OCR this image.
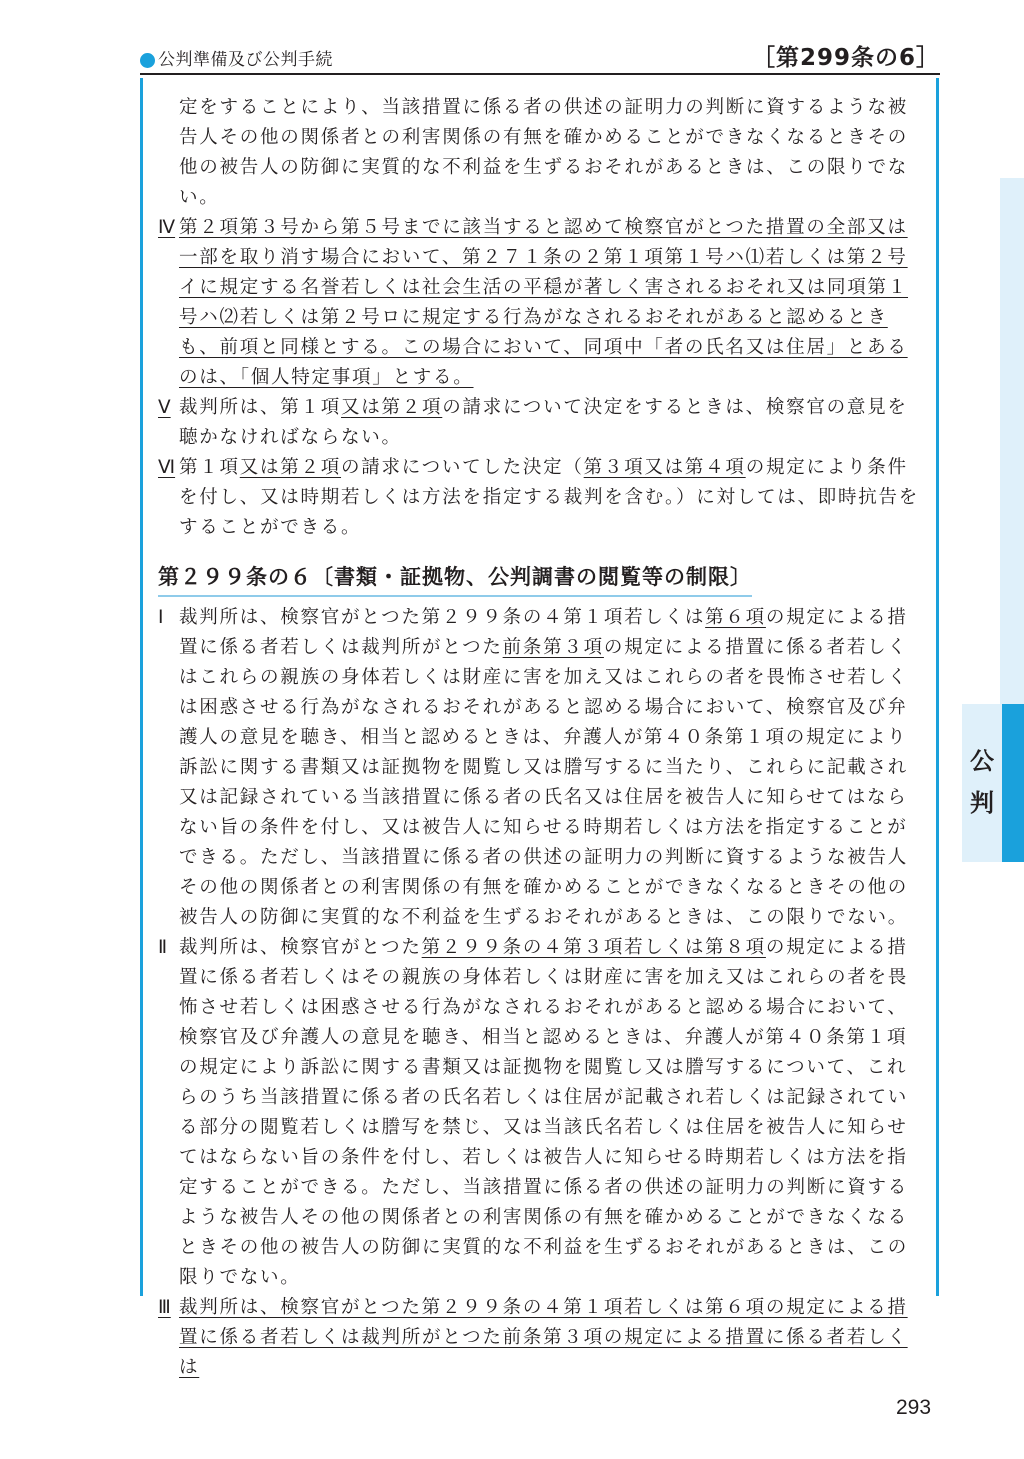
公判準備及び公判手続	［第299条の6］
定をすることにより、当該措置に係る者の供述の証明力の判断に資するような被告人その他の関係者との利害関係の有無を確かめることができなくなるときその他の被告人の防御に実質的な不利益を生ずるおそれがあるときは、この限りでない。
Ⅳ 第２項第３号から第５号までに該当すると認めて検察官がとつた措置の全部又は一部を取り消す場合において、第２７１条の２第１項第１号ハ⑴若しくは第２号イに規定する名誉若しくは社会生活の平穏が著しく害されるおそれ又は同項第１号ハ⑵若しくは第２号ロに規定する行為がなされるおそれがあると認めるときも、前項と同様とする。この場合において、同項中「者の氏名又は住居」とあるのは、「個人特定事項」とする。
Ⅴ 裁判所は、第１項又は第２項の請求について決定をするときは、検察官の意見を聴かなければならない。
Ⅵ 第１項又は第２項の請求についてした決定（第３項又は第４項の規定により条件を付し、又は時期若しくは方法を指定する裁判を含む。）に対しては、即時抗告をすることができる。
第２９９条の６〔書類・証拠物、公判調書の閲覧等の制限〕
Ⅰ 裁判所は、検察官がとつた第２９９条の４第１項若しくは第６項の規定による措置に係る者若しくは裁判所がとつた前条第３項の規定による措置に係る者若しくはこれらの親族の身体若しくは財産に害を加え又はこれらの者を畏怖させ若しくは困惑させる行為がなされるおそれがあると認める場合において、検察官及び弁護人の意見を聴き、相当と認めるときは、弁護人が第４０条第１項の規定により訴訟に関する書類又は証拠物を閲覧し又は謄写するに当たり、これらに記載され又は記録されている当該措置に係る者の氏名又は住居を被告人に知らせてはならない旨の条件を付し、又は被告人に知らせる時期若しくは方法を指定することができる。ただし、当該措置に係る者の供述の証明力の判断に資するような被告人その他の関係者との利害関係の有無を確かめることができなくなるときその他の被告人の防御に実質的な不利益を生ずるおそれがあるときは、この限りでない。
Ⅱ 裁判所は、検察官がとつた第２９９条の４第３項若しくは第８項の規定による措置に係る者若しくはその親族の身体若しくは財産に害を加え又はこれらの者を畏怖させ若しくは困惑させる行為がなされるおそれがあると認める場合において、検察官及び弁護人の意見を聴き、相当と認めるときは、弁護人が第４０条第１項の規定により訴訟に関する書類又は証拠物を閲覧し又は謄写するについて、これらのうち当該措置に係る者の氏名若しくは住居が記載され若しくは記録されている部分の閲覧若しくは謄写を禁じ、又は当該氏名若しくは住居を被告人に知らせてはならない旨の条件を付し、若しくは被告人に知らせる時期若しくは方法を指定することができる。ただし、当該措置に係る者の供述の証明力の判断に資するような被告人その他の関係者との利害関係の有無を確かめることができなくなるときその他の被告人の防御に実質的な不利益を生ずるおそれがあるときは、この限りでない。
Ⅲ 裁判所は、検察官がとつた第２９９条の４第１項若しくは第６項の規定による措置に係る者若しくは裁判所がとつた前条第３項の規定による措置に係る者若しくは
公
判
293
